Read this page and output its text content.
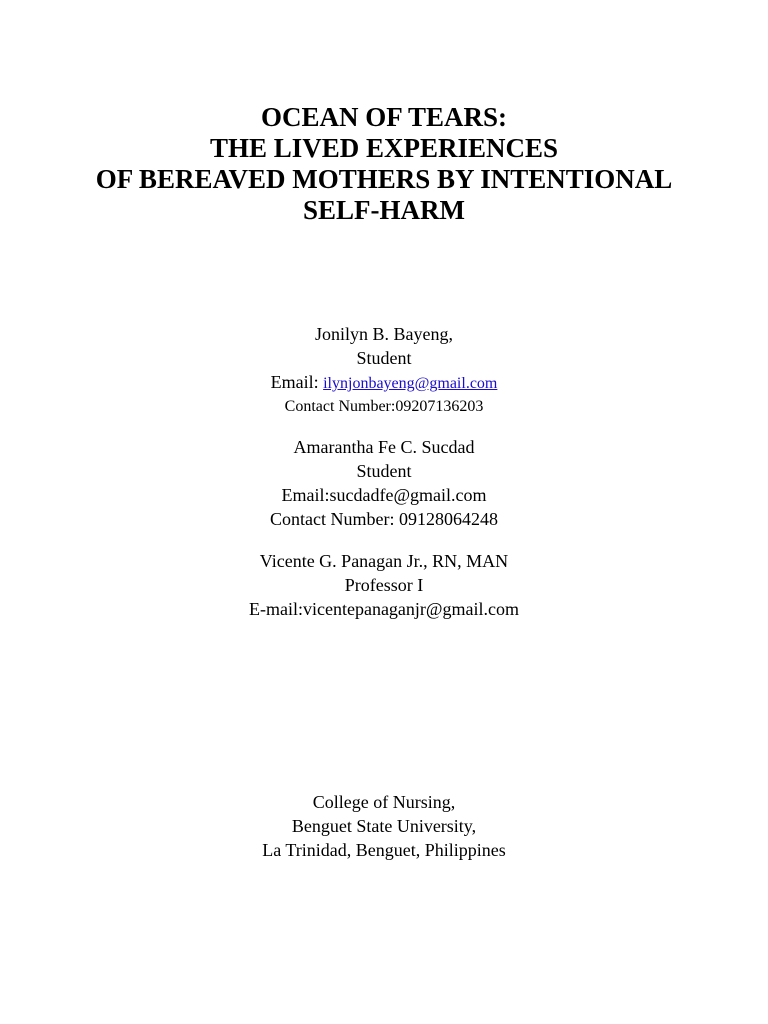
OCEAN OF TEARS:
THE LIVED EXPERIENCES
OF BEREAVED MOTHERS BY INTENTIONAL
SELF-HARM
Jonilyn B. Bayeng,
Student
Email: ilynjonbayeng@gmail.com
Contact Number:09207136203
Amarantha Fe C. Sucdad
Student
Email:sucdadfe@gmail.com
Contact Number: 09128064248
Vicente G. Panagan Jr., RN, MAN
Professor I
E-mail:vicentepanaganjr@gmail.com
College of Nursing,
Benguet State University,
La Trinidad, Benguet, Philippines
